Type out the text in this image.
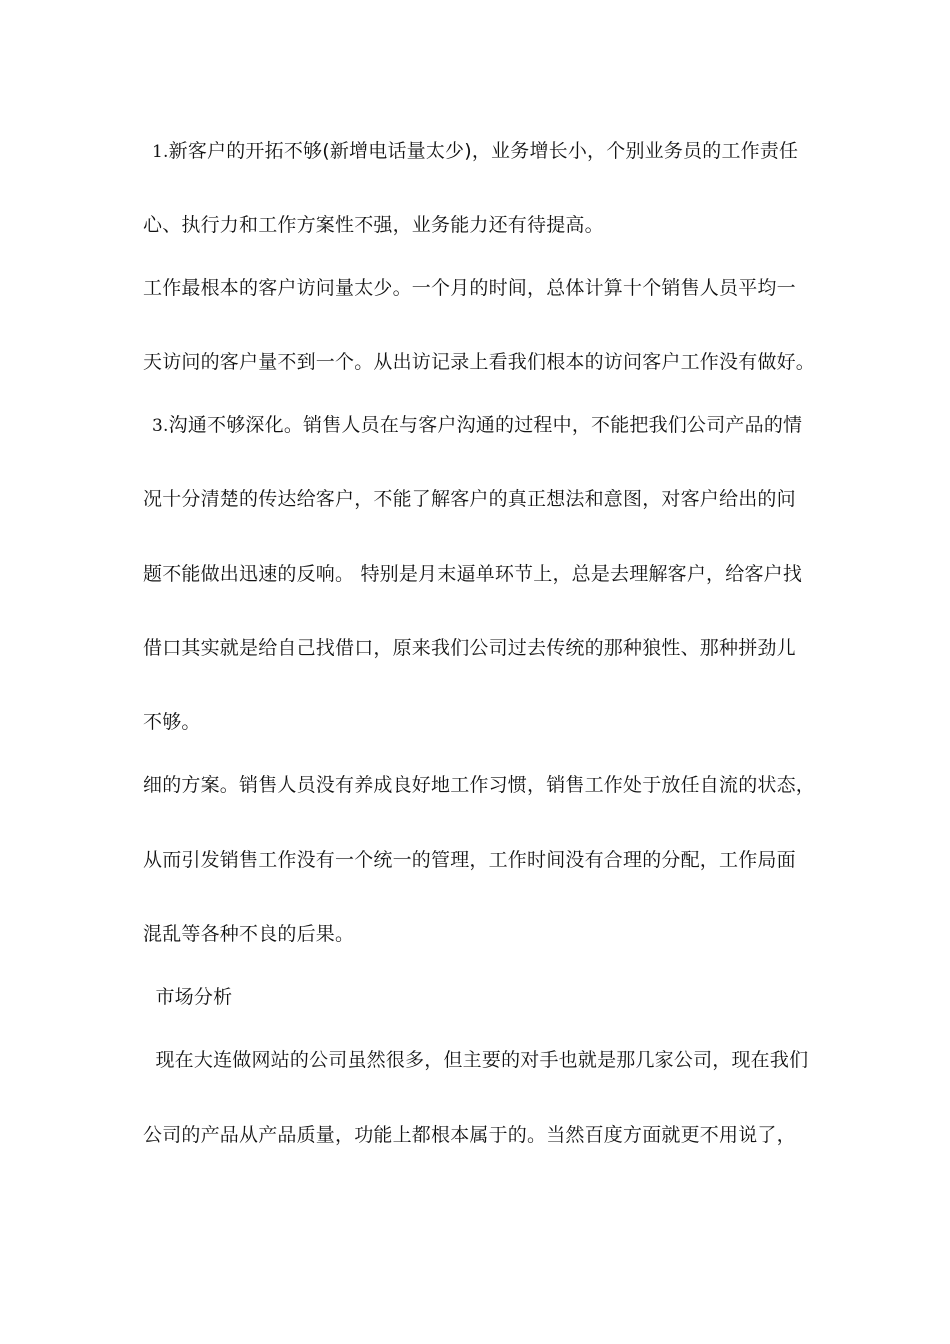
1.新客户的开拓不够(新增电话量太少)，业务增长小，个别业务员的工作责任
心、执行力和工作方案性不强，业务能力还有待提高。
工作最根本的客户访问量太少。一个月的时间，总体计算十个销售人员平均一
天访问的客户量不到一个。从出访记录上看我们根本的访问客户工作没有做好。
3.沟通不够深化。销售人员在与客户沟通的过程中，不能把我们公司产品的情
况十分清楚的传达给客户，不能了解客户的真正想法和意图，对客户给出的问
题不能做出迅速的反响。 特别是月末逼单环节上，总是去理解客户，给客户找
借口其实就是给自己找借口，原来我们公司过去传统的那种狼性、那种拼劲儿
不够。
细的方案。销售人员没有养成良好地工作习惯，销售工作处于放任自流的状态，
从而引发销售工作没有一个统一的管理，工作时间没有合理的分配，工作局面
混乱等各种不良的后果。
市场分析
现在大连做网站的公司虽然很多，但主要的对手也就是那几家公司，现在我们
公司的产品从产品质量，功能上都根本属于的。当然百度方面就更不用说了，
